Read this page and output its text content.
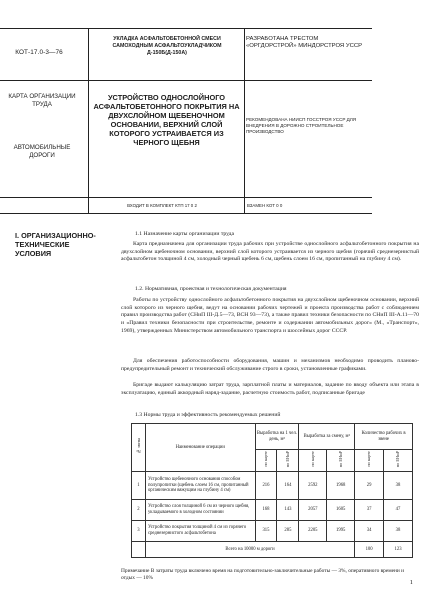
КОТ-17.0-3—76
УКЛАДКА АСФАЛЬТОБЕТОННОЙ СМЕСИ САМОХОДНЫМ АСФАЛЬТОУКЛАДЧИКОМ Д-150Б(Д-150А)
РАЗРАБОТАНА ТРЕСТОМ «ОРГДОРСТРОЙ» МИНДОРСТРОЯ УССР
КАРТА ОРГАНИЗАЦИИ ТРУДА
АВТОМОБИЛЬНЫЕ ДОРОГИ
УСТРОЙСТВО ОДНОСЛОЙНОГО АСФАЛЬТОБЕТОННОГО ПОКРЫТИЯ НА ДВУХСЛОЙНОМ ЩЕБЕНОЧНОМ ОСНОВАНИИ, ВЕРХНИЙ СЛОЙ КОТОРОГО УСТРАИВАЕТСЯ ИЗ ЧЕРНОГО ЩЕБНЯ
РЕКОМЕНДОВАНА НИИСП ГОССТРОЯ УССР ДЛЯ ВНЕДРЕНИЯ В ДОРОЖНО СТРОИТЕЛЬНОЕ ПРОИЗВОДСТВО
ВХОДИТ В КОМПЛЕКТ КТП 17 0 2	ВЗАМЕН КОТ 0 0
I. ОРГАНИЗАЦИОННО-ТЕХНИЧЕСКИЕ УСЛОВИЯ
1.1 Назначение карты организации труда
Карта предназначена для организации труда рабочих при устройстве однослойного асфальтобетонного покрытия на двухслойном щебеночном основании, верхний слой которого устраивается из черного щебня (горячий среднезернистый асфальтобетон толщиной 4 см, холодный черный щебень 6 см, щебень слоем 16 см, пропитанный на глубину 4 см).
1.2. Нормативная, проектная и технологическая документация
Работы по устройству однослойного асфальтобетонного покрытия на двухслойном щебеночном основании, верхний слой которого из черного щебня, ведут на основании рабочих чертежей и проекта производства работ с соблюдением правил производства работ (СНиП III-Д.5—73, ВСН 93—73), а также правил техники безопасности по СНиП III-А.11—70 и «Правил техники безопасности при строительстве, ремонте и содержании автомобильных дорог» (М., «Транспорт», 1969), утвержденных Министерством автомобильного транспорта и шоссейных дорог СССР.
Для обеспечения работоспособности оборудования, машин и механизмов необходимо проводить планово-предупредительный ремонт и технический обслуживание строго в сроки, установленные графиками.
Бригаде выдают калькуляцию затрат труда, зарплатной платы и материалов, задание по вводу объекта или этапа в эксплуатацию, единый аккордный наряд-задание, расчетную стоимость работ, подписанные бригаде
1.3 Нормы труда и эффективность рекомендуемых решений
№ звена	Наименование операции	Выработка на 1 чел. день, м²		Выработка за смену, м²		Количество рабочих в звене	
		по карте	по ЕНиР	по карте	по ЕНиР	по карте	по ЕНиР
1	Устройство щебеночного основания способом полупропитки (щебень слоем 16 см, пропитанный органическим вяжущим на глубину 4 см)	216	164	2592	1968	29	38
2	Устройство слоя толщиной 6 см из черного щебня, укладываемого в холодном состоянии	168	143	2057	1605	37	47
3	Устройство покрытия толщиной 4 см из горячего среднезернистого асфальтобетона	315	285	2205	1995	34	38
	Всего на 10000 м дороги					100	123
Примечание В затраты труда включено время на подготовительно-заключительные работы — 3%, оперативного времени и отдых — 10%
1
